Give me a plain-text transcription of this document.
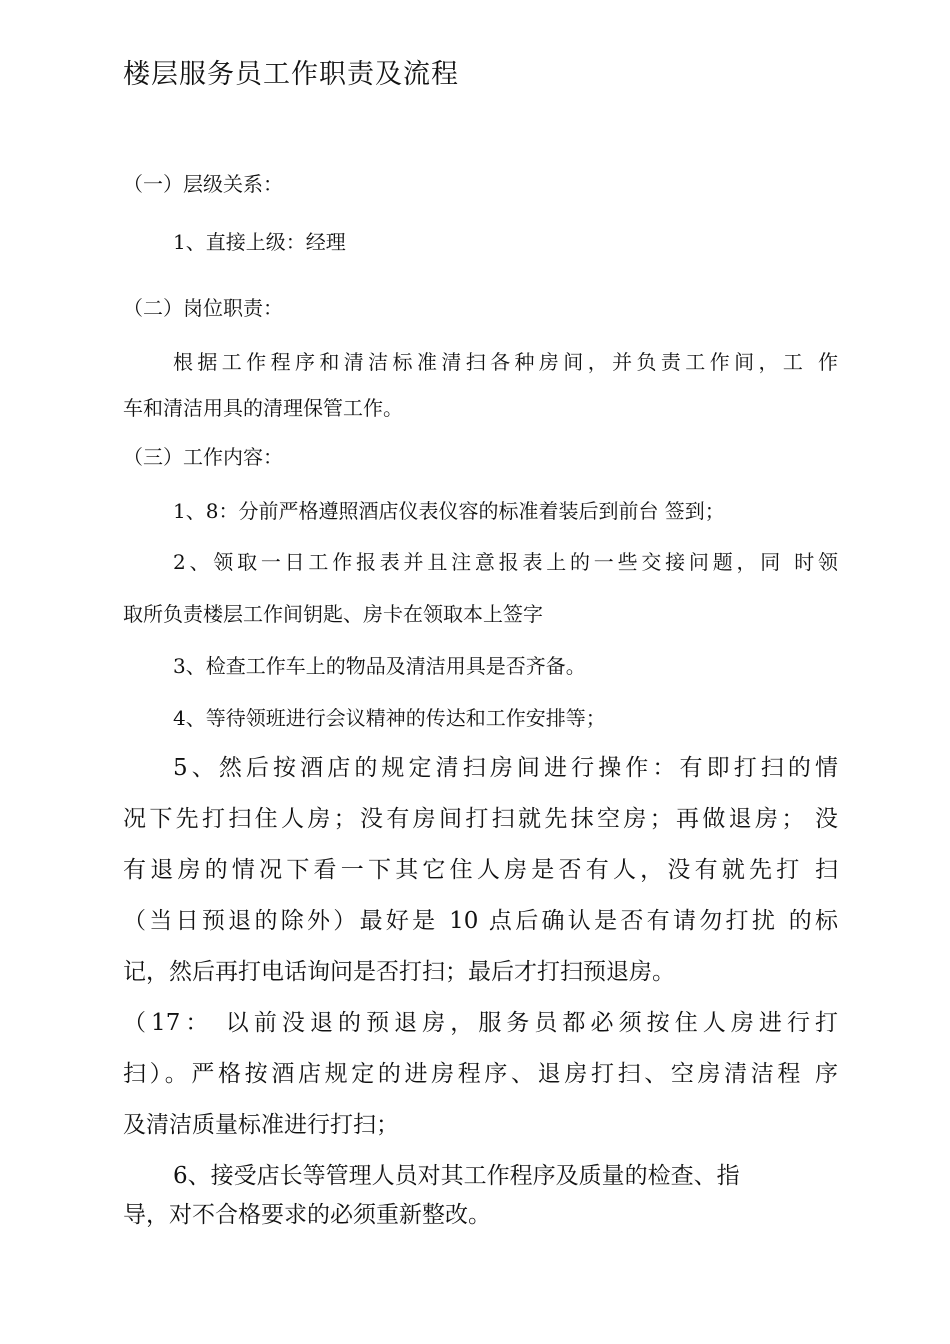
楼层服务员工作职责及流程
（一）层级关系：
1、直接上级：经理
（二）岗位职责：
根据工作程序和清洁标准清扫各种房间，并负责工作间，工 作
车和清洁用具的清理保管工作。
（三）工作内容：
1、8：分前严格遵照酒店仪表仪容的标准着装后到前台 签到；
2、领取一日工作报表并且注意报表上的一些交接问题，同 时领
取所负责楼层工作间钥匙、房卡在领取本上签字
3、检查工作车上的物品及清洁用具是否齐备。
4、等待领班进行会议精神的传达和工作安排等；
5、然后按酒店的规定清扫房间进行操作：有即打扫的情
况下先打扫住人房；没有房间打扫就先抹空房；再做退房； 没
有退房的情况下看一下其它住人房是否有人，没有就先打 扫
（当日预退的除外）最好是 10 点后确认是否有请勿打扰 的标
记，然后再打电话询问是否打扫；最后才打扫预退房。
（17： 以前没退的预退房，服务员都必须按住人房进行打
扫）。严格按酒店规定的进房程序、退房打扫、空房清洁程 序
及清洁质量标准进行打扫；
6、接受店长等管理人员对其工作程序及质量的检查、指
导，对不合格要求的必须重新整改。
